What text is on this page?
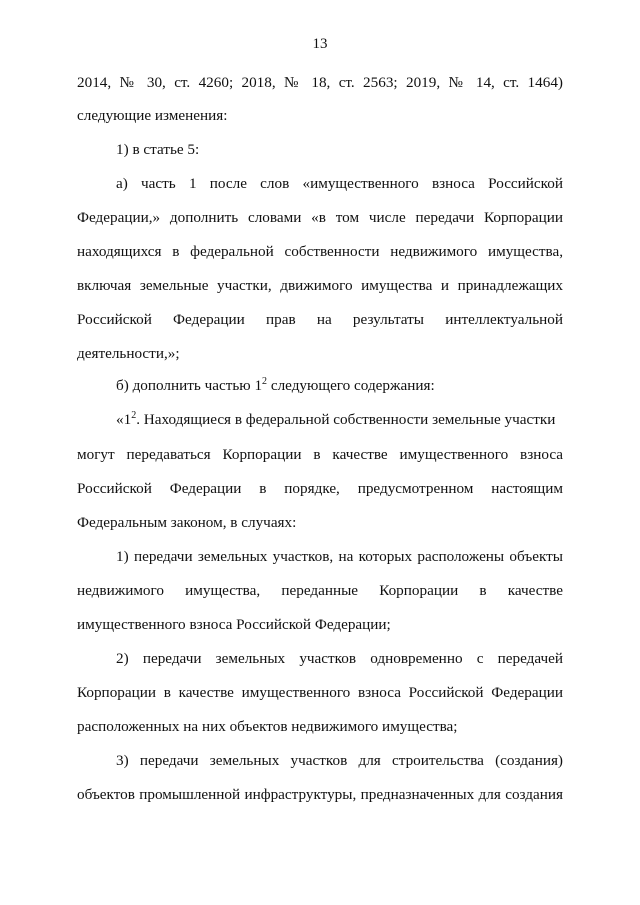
13
2014, № 30, ст. 4260; 2018, № 18, ст. 2563; 2019, № 14, ст. 1464)
следующие изменения:
1) в статье 5:
а) часть 1 после слов «имущественного взноса Российской
Федерации,» дополнить словами «в том числе передачи Корпорации
находящихся в федеральной собственности недвижимого имущества,
включая земельные участки, движимого имущества и принадлежащих
Российской Федерации прав на результаты интеллектуальной
деятельности,»;
б) дополнить частью $1^2$ следующего содержания:
«$1^2$. Находящиеся в федеральной собственности земельные участки
могут передаваться Корпорации в качестве имущественного взноса
Российской Федерации в порядке, предусмотренном настоящим
Федеральным законом, в случаях:
1) передачи земельных участков, на которых расположены объекты
недвижимого имущества, переданные Корпорации в качестве
имущественного взноса Российской Федерации;
2) передачи земельных участков одновременно с передачей
Корпорации в качестве имущественного взноса Российской Федерации
расположенных на них объектов недвижимого имущества;
3) передачи земельных участков для строительства (создания)
объектов промышленной инфраструктуры, предназначенных для создания
